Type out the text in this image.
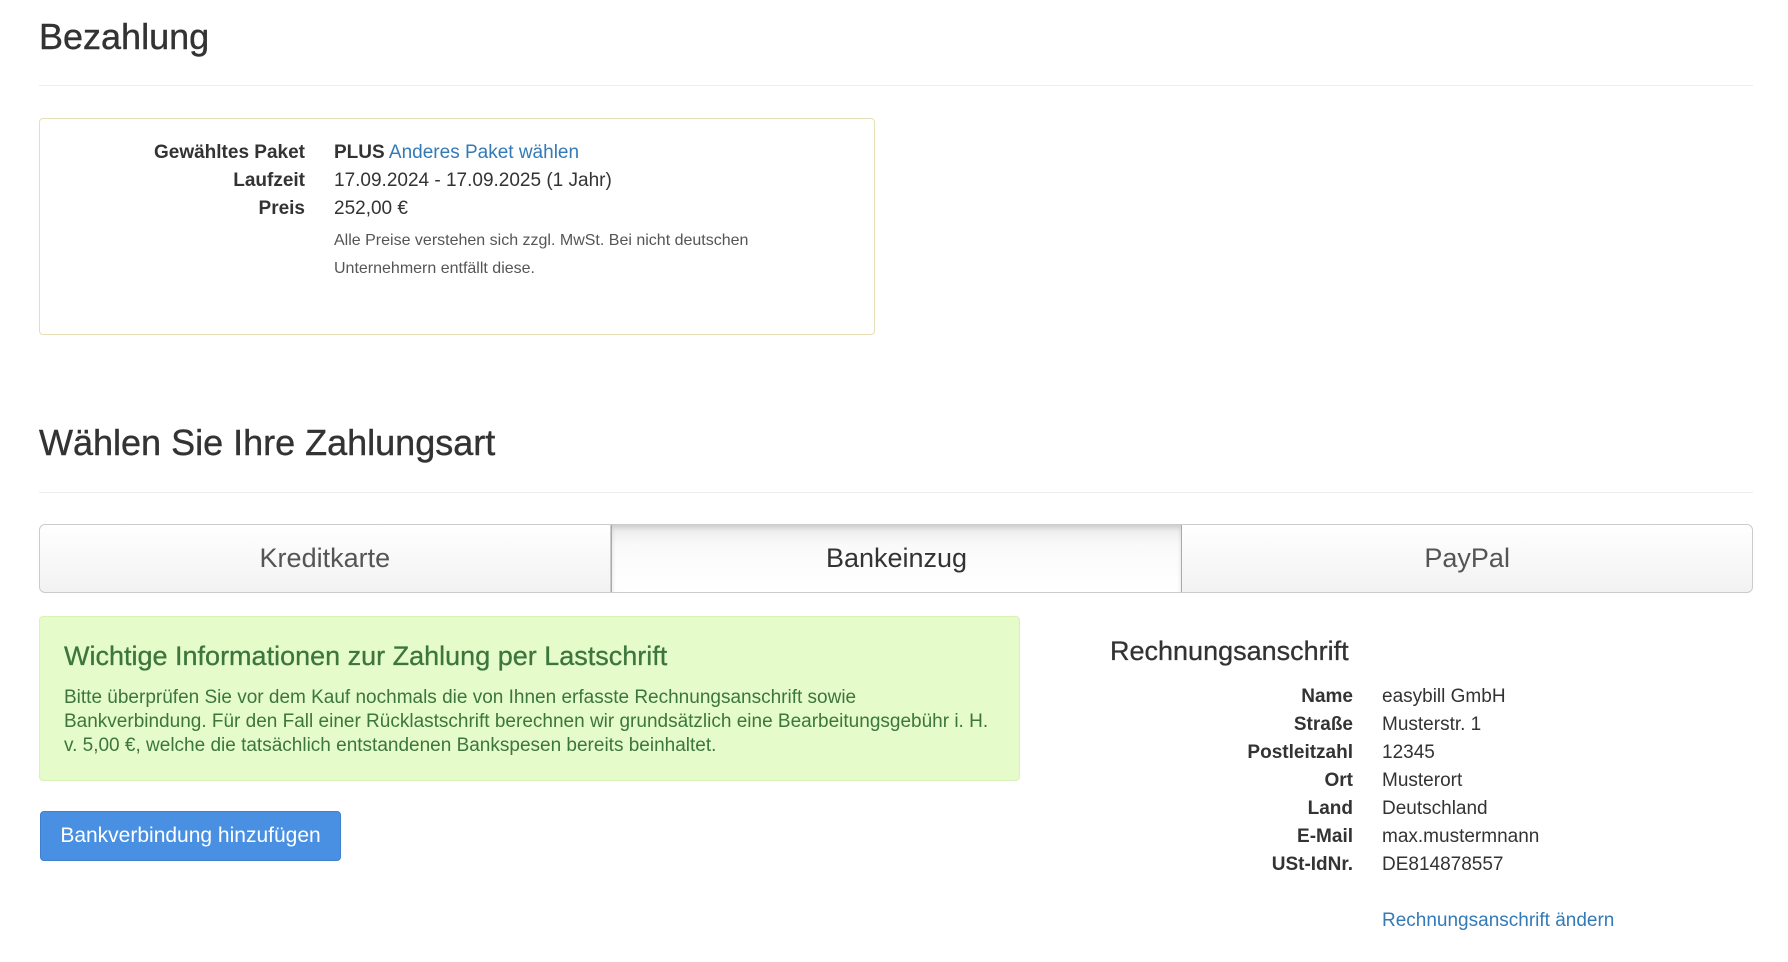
Bezahlung
Gewähltes Paket PLUS Anderes Paket wählen
Laufzeit 17.09.2024 - 17.09.2025 (1 Jahr)
Preis 252,00 €
Alle Preise verstehen sich zzgl. MwSt. Bei nicht deutschen Unternehmern entfällt diese.
Wählen Sie Ihre Zahlungsart
Kreditkarte	Bankeinzug	PayPal
Wichtige Informationen zur Zahlung per Lastschrift

Bitte überprüfen Sie vor dem Kauf nochmals die von Ihnen erfasste Rechnungsanschrift sowie Bankverbindung. Für den Fall einer Rücklastschrift berechnen wir grundsätzlich eine Bearbeitungsgebühr i. H. v. 5,00 €, welche die tatsächlich entstandenen Bankspesen bereits beinhaltet.

Bankverbindung hinzufügen
Rechnungsanschrift
Name easybill GmbH
Straße Musterstr. 1
Postleitzahl 12345
Ort Musterort
Land Deutschland
E-Mail max.mustermnann
USt-IdNr. DE814878557
Rechnungsanschrift ändern
